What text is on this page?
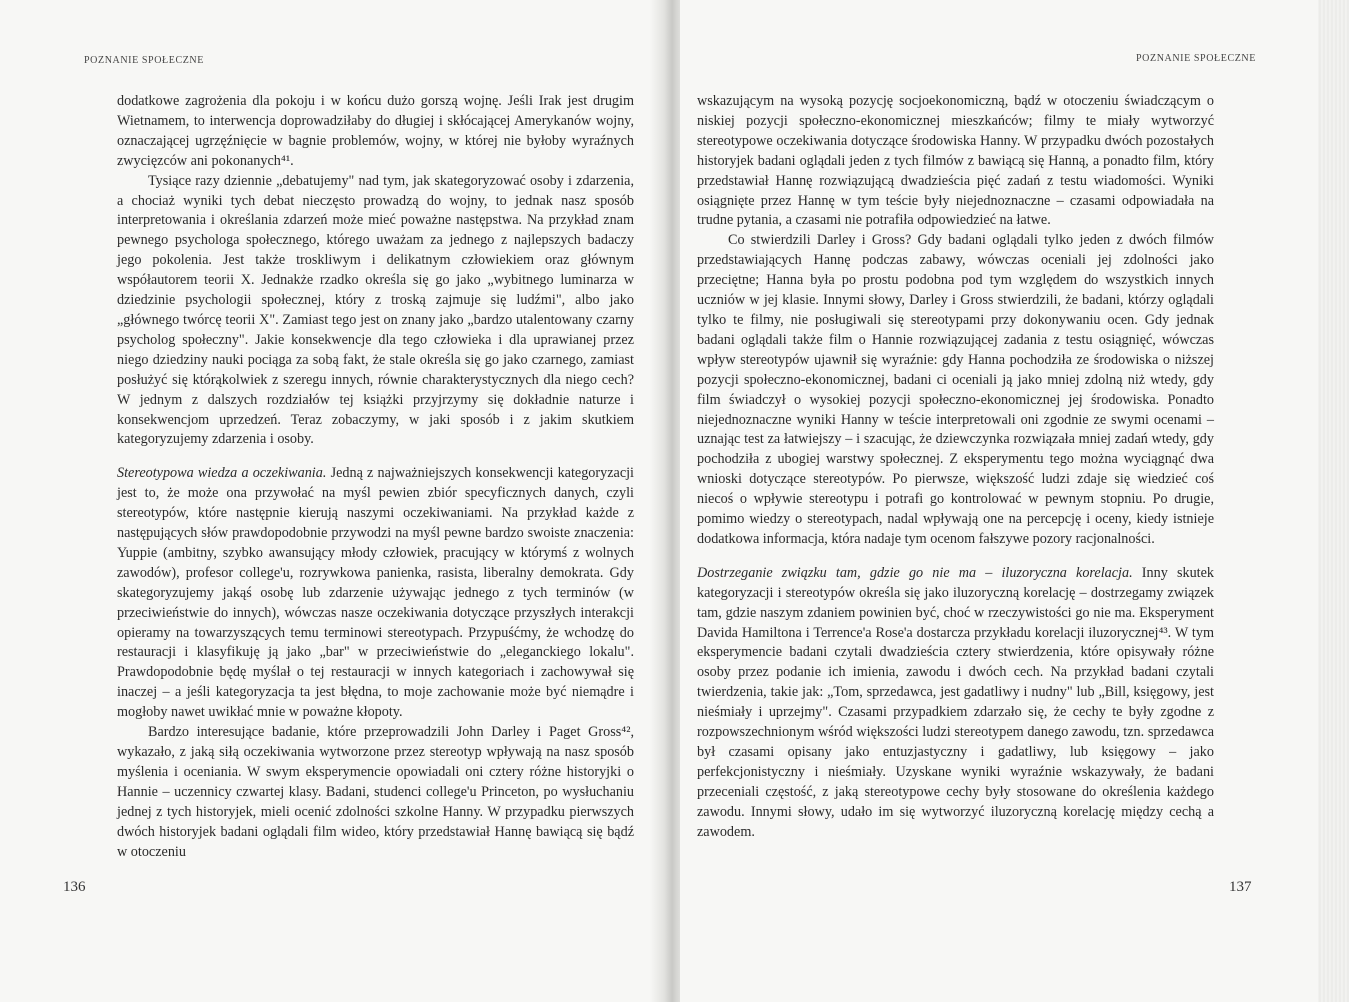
POZNANIE SPOŁECZNE

dodatkowe zagrożenia dla pokoju i w końcu dużo gorszą wojnę. Jeśli Irak jest drugim Wietnamem, to interwencja doprowadziłaby do długiej i skłócającej Amerykanów wojny, oznaczającej ugrzęźnięcie w bagnie problemów, wojny, w której nie byłoby wyraźnych zwycięzców ani pokonanych⁴¹.

Tysiące razy dziennie „debatujemy" nad tym, jak skategoryzować osoby i zdarzenia, a chociaż wyniki tych debat nieczęsto prowadzą do wojny, to jednak nasz sposób interpretowania i określania zdarzeń może mieć poważne następstwa. Na przykład znam pewnego psychologa społecznego, którego uważam za jednego z najlepszych badaczy jego pokolenia. Jest także troskliwym i delikatnym człowiekiem oraz głównym współautorem teorii X. Jednakże rzadko określa się go jako „wybitnego luminarza w dziedzinie psychologii społecznej, który z troską zajmuje się ludźmi", albo jako „głównego twórcę teorii X". Zamiast tego jest on znany jako „bardzo utalentowany czarny psycholog społeczny". Jakie konsekwencje dla tego człowieka i dla uprawianej przez niego dziedziny nauki pociąga za sobą fakt, że stale określa się go jako czarnego, zamiast posłużyć się którąkolwiek z szeregu innych, równie charakterystycznych dla niego cech? W jednym z dalszych rozdziałów tej książki przyjrzymy się dokładnie naturze i konsekwencjom uprzedzeń. Teraz zobaczymy, w jaki sposób i z jakim skutkiem kategoryzujemy zdarzenia i osoby.

Stereotypowa wiedza a oczekiwania. Jedną z najważniejszych konsekwencji kategoryzacji jest to, że może ona przywołać na myśl pewien zbiór specyficznych danych, czyli stereotypów, które następnie kierują naszymi oczekiwaniami. Na przykład każde z następujących słów prawdopodobnie przywodzi na myśl pewne bardzo swoiste znaczenia: Yuppie (ambitny, szybko awansujący młody człowiek, pracujący w którymś z wolnych zawodów), profesor college'u, rozrywkowa panienka, rasista, liberalny demokrata. Gdy skategoryzujemy jakąś osobę lub zdarzenie używając jednego z tych terminów (w przeciwieństwie do innych), wówczas nasze oczekiwania dotyczące przyszłych interakcji opieramy na towarzyszących temu terminowi stereotypach. Przypuśćmy, że wchodzę do restauracji i klasyfikuję ją jako „bar" w przeciwieństwie do „eleganckiego lokalu". Prawdopodobnie będę myślał o tej restauracji w innych kategoriach i zachowywał się inaczej – a jeśli kategoryzacja ta jest błędna, to moje zachowanie może być niemądre i mogłoby nawet uwikłać mnie w poważne kłopoty.

Bardzo interesujące badanie, które przeprowadzili John Darley i Paget Gross⁴², wykazało, z jaką siłą oczekiwania wytworzone przez stereotyp wpływają na nasz sposób myślenia i oceniania. W swym eksperymencie opowiadali oni cztery różne historyjki o Hannie – uczennicy czwartej klasy. Badani, studenci college'u Princeton, po wysłuchaniu jednej z tych historyjek, mieli ocenić zdolności szkolne Hanny. W przypadku pierwszych dwóch historyjek badani oglądali film wideo, który przedstawiał Hannę bawiącą się bądź w otoczeniu

136
POZNANIE SPOŁECZNE

wskazującym na wysoką pozycję socjoekonomiczną, bądź w otoczeniu świadczącym o niskiej pozycji społeczno-ekonomicznej mieszkańców; filmy te miały wytworzyć stereotypowe oczekiwania dotyczące środowiska Hanny. W przypadku dwóch pozostałych historyjek badani oglądali jeden z tych filmów z bawiącą się Hanną, a ponadto film, który przedstawiał Hannę rozwiązującą dwadzieścia pięć zadań z testu wiadomości. Wyniki osiągnięte przez Hannę w tym teście były niejednoznaczne – czasami odpowiadała na trudne pytania, a czasami nie potrafiła odpowiedzieć na łatwe.

Co stwierdzili Darley i Gross? Gdy badani oglądali tylko jeden z dwóch filmów przedstawiających Hannę podczas zabawy, wówczas oceniali jej zdolności jako przeciętne; Hanna była po prostu podobna pod tym względem do wszystkich innych uczniów w jej klasie. Innymi słowy, Darley i Gross stwierdzili, że badani, którzy oglądali tylko te filmy, nie posługiwali się stereotypami przy dokonywaniu ocen. Gdy jednak badani oglądali także film o Hannie rozwiązującej zadania z testu osiągnięć, wówczas wpływ stereotypów ujawnił się wyraźnie: gdy Hanna pochodziła ze środowiska o niższej pozycji społeczno-ekonomicznej, badani ci oceniali ją jako mniej zdolną niż wtedy, gdy film świadczył o wysokiej pozycji społeczno-ekonomicznej jej środowiska. Ponadto niejednoznaczne wyniki Hanny w teście interpretowali oni zgodnie ze swymi ocenami – uznając test za łatwiejszy – i szacując, że dziewczynka rozwiązała mniej zadań wtedy, gdy pochodziła z ubogiej warstwy społecznej. Z eksperymentu tego można wyciągnąć dwa wnioski dotyczące stereotypów. Po pierwsze, większość ludzi zdaje się wiedzieć coś niecoś o wpływie stereotypu i potrafi go kontrolować w pewnym stopniu. Po drugie, pomimo wiedzy o stereotypach, nadal wpływają one na percepcję i oceny, kiedy istnieje dodatkowa informacja, która nadaje tym ocenom fałszywe pozory racjonalności.

Dostrzeganie związku tam, gdzie go nie ma – iluzoryczna korelacja. Inny skutek kategoryzacji i stereotypów określa się jako iluzoryczną korelację – dostrzegamy związek tam, gdzie naszym zdaniem powinien być, choć w rzeczywistości go nie ma. Eksperyment Davida Hamiltona i Terrence'a Rose'a dostarcza przykładu korelacji iluzorycznej⁴³. W tym eksperymencie badani czytali dwadzieścia cztery stwierdzenia, które opisywały różne osoby przez podanie ich imienia, zawodu i dwóch cech. Na przykład badani czytali twierdzenia, takie jak: „Tom, sprzedawca, jest gadatliwy i nudny" lub „Bill, księgowy, jest nieśmiały i uprzejmy". Czasami przypadkiem zdarzało się, że cechy te były zgodne z rozpowszechnionym wśród większości ludzi stereotypem danego zawodu, tzn. sprzedawca był czasami opisany jako entuzjastyczny i gadatliwy, lub księgowy – jako perfekcjonistyczny i nieśmiały. Uzyskane wyniki wyraźnie wskazywały, że badani przeceniali częstość, z jaką stereotypowe cechy były stosowane do określenia każdego zawodu. Innymi słowy, udało im się wytworzyć iluzoryczną korelację między cechą a zawodem.

137
